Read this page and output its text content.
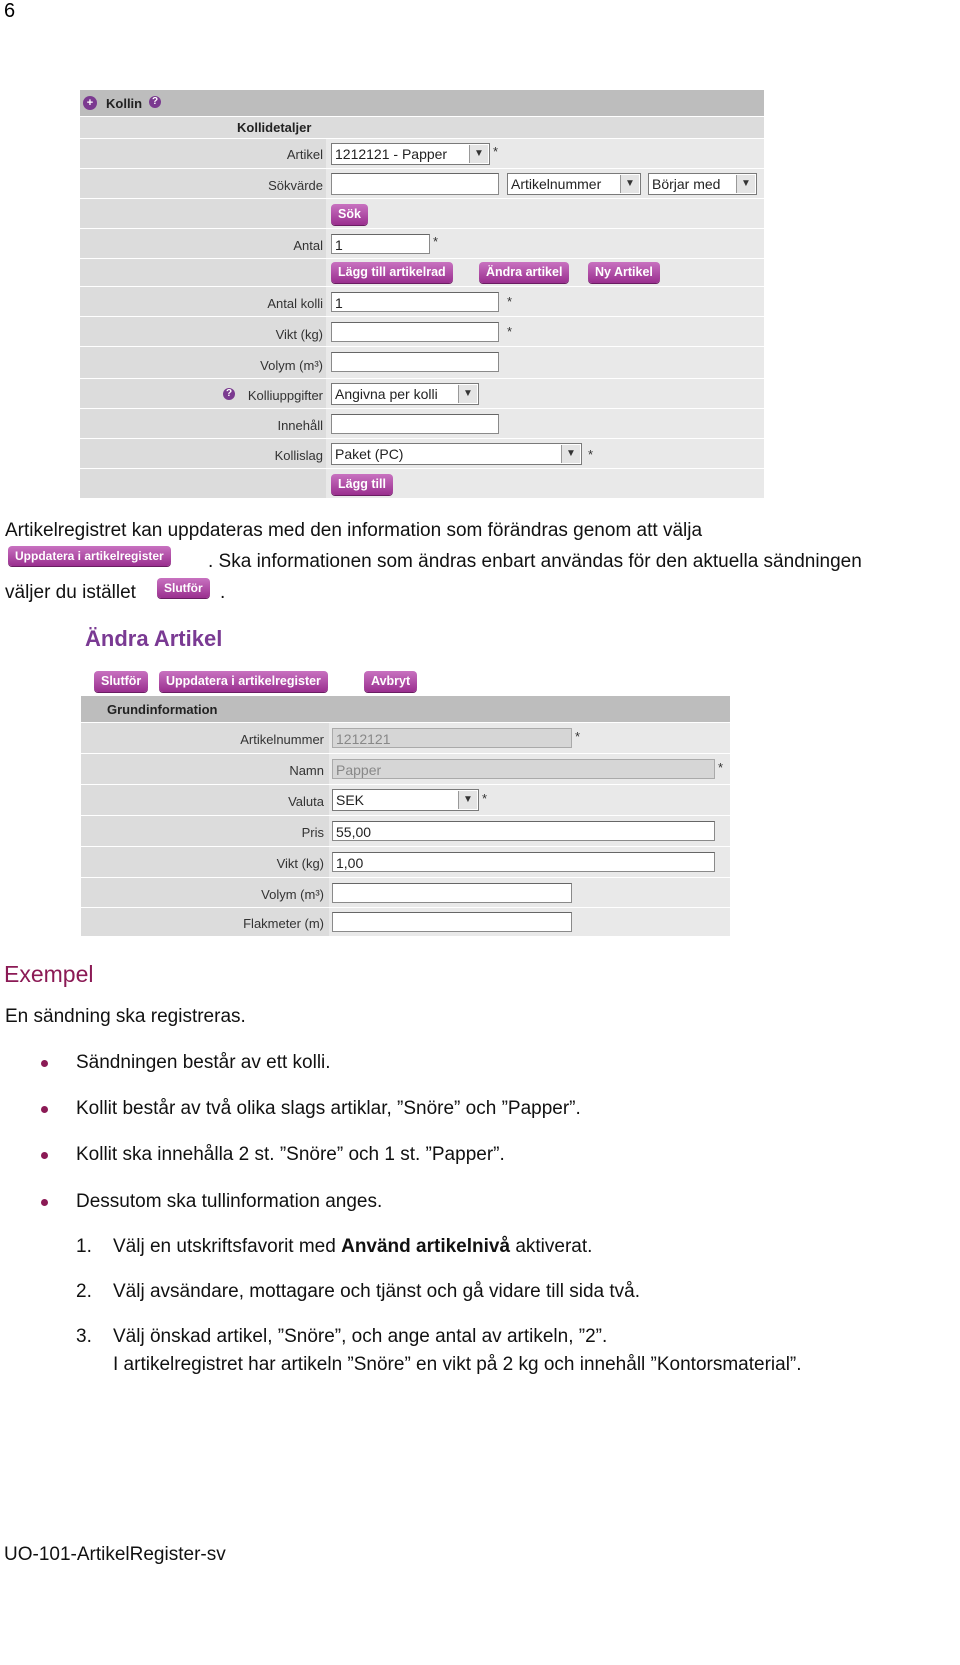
6
+ Kollin ?
Kollidetaljer
Artikel 1212121 - Papper	▼ *
Sökvärde	Artikelnummer	▼ Börjar med	▼
Sök
Antal 1	*
Lägg till artikelrad	Ändra artikel	Ny Artikel
Antal kolli 1	*
Vikt (kg)	*
Volym (m³)
? Kolliuppgifter Angivna per kolli	▼
Innehåll
Kollislag Paket (PC)	▼ *
Lägg till
Artikelregistret kan uppdateras med den information som förändras genom att välja
Uppdatera i artikelregister	. Ska informationen som ändras enbart användas för den aktuella sändningen
väljer du istället	Slutför .
Ändra Artikel
Slutför	Uppdatera i artikelregister	Avbryt
Grundinformation
Artikelnummer 1212121	*
Namn Papper	*
Valuta SEK	▼ *
Pris 55,00
Vikt (kg) 1,00
Volym (m³)
Flakmeter (m)
Exempel
En sändning ska registreras.
Sändningen består av ett kolli.
Kollit består av två olika slags artiklar, ”Snöre” och ”Papper”.
Kollit ska innehålla 2 st. ”Snöre” och 1 st. ”Papper”.
Dessutom ska tullinformation anges.
1. Välj en utskriftsfavorit med Använd artikelnivå aktiverat.
2. Välj avsändare, mottagare och tjänst och gå vidare till sida två.
3. Välj önskad artikel, ”Snöre”, och ange antal av artikeln, ”2”.
I artikelregistret har artikeln ”Snöre” en vikt på 2 kg och innehåll ”Kontorsmaterial”.
UO-101-ArtikelRegister-sv
